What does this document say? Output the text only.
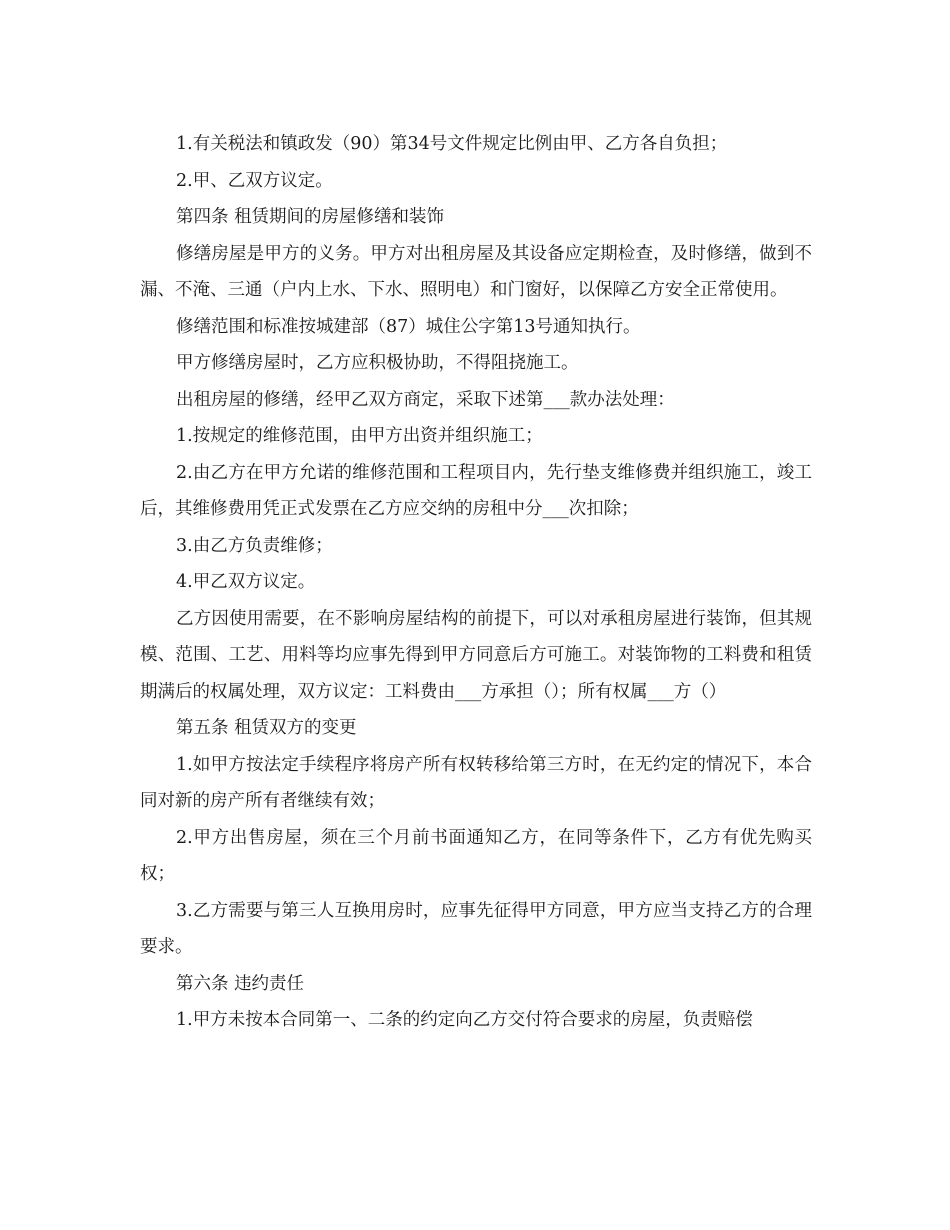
1.有关税法和镇政发（90）第34号文件规定比例由甲、乙方各自负担；

2.甲、乙双方议定。

第四条 租赁期间的房屋修缮和装饰

修缮房屋是甲方的义务。甲方对出租房屋及其设备应定期检查，及时修缮，做到不漏、不淹、三通（户内上水、下水、照明电）和门窗好，以保障乙方安全正常使用。

修缮范围和标准按城建部（87）城住公字第13号通知执行。

甲方修缮房屋时，乙方应积极协助，不得阻挠施工。

出租房屋的修缮，经甲乙双方商定，采取下述第___款办法处理：

1.按规定的维修范围，由甲方出资并组织施工；

2.由乙方在甲方允诺的维修范围和工程项目内，先行垫支维修费并组织施工，竣工后，其维修费用凭正式发票在乙方应交纳的房租中分___次扣除；

3.由乙方负责维修；

4.甲乙双方议定。

乙方因使用需要，在不影响房屋结构的前提下，可以对承租房屋进行装饰，但其规模、范围、工艺、用料等均应事先得到甲方同意后方可施工。对装饰物的工料费和租赁期满后的权属处理，双方议定：工料费由___方承担（）；所有权属___方（）

第五条 租赁双方的变更

1.如甲方按法定手续程序将房产所有权转移给第三方时，在无约定的情况下，本合同对新的房产所有者继续有效；

2.甲方出售房屋，须在三个月前书面通知乙方，在同等条件下，乙方有优先购买权；

3.乙方需要与第三人互换用房时，应事先征得甲方同意，甲方应当支持乙方的合理要求。

第六条 违约责任

1.甲方未按本合同第一、二条的约定向乙方交付符合要求的房屋，负责赔偿
